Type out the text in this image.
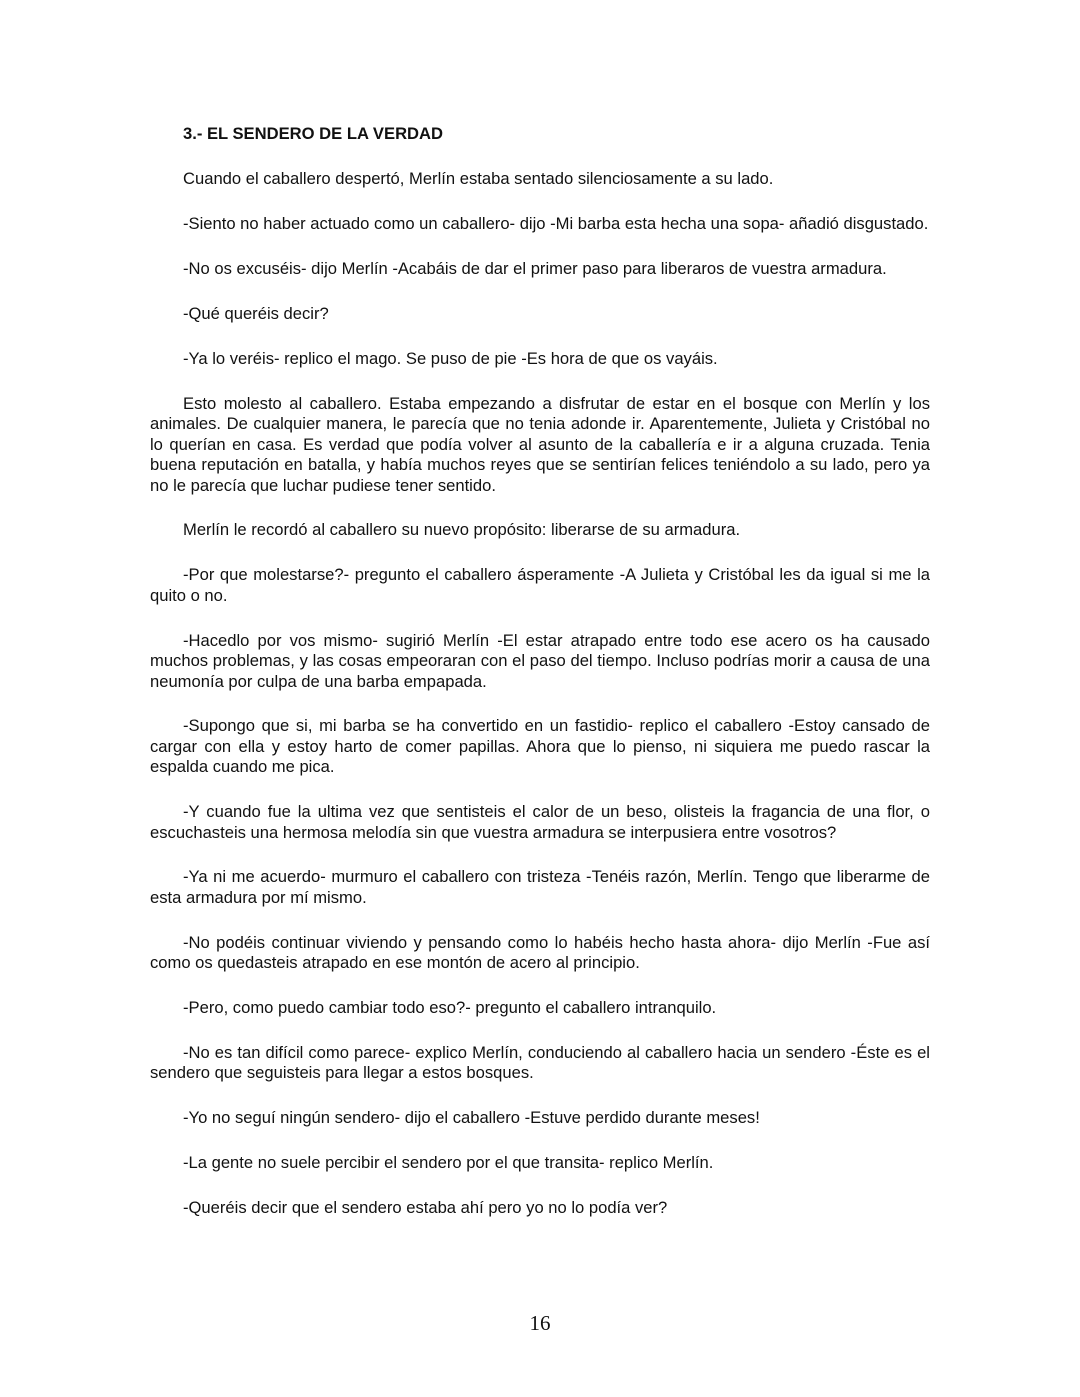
3.- EL SENDERO DE LA VERDAD

Cuando el caballero despertó, Merlín estaba sentado silenciosamente a su lado.

-Siento no haber actuado como un caballero- dijo -Mi barba esta hecha una sopa- añadió disgustado.

-No os excuséis- dijo Merlín -Acabáis de dar el primer paso para liberaros de vuestra armadura.

-Qué queréis decir?

-Ya lo veréis- replico el mago. Se puso de pie -Es hora de que os vayáis.

Esto molesto al caballero. Estaba empezando a disfrutar de estar en el bosque con Merlín y los animales. De cualquier manera, le parecía que no tenia adonde ir. Aparentemente, Julieta y Cristóbal no lo querían en casa. Es verdad que podía volver al asunto de la caballería e ir a alguna cruzada. Tenia buena reputación en batalla, y había muchos reyes que se sentirían felices teniéndolo a su lado, pero ya no le parecía que luchar pudiese tener sentido.

Merlín le recordó al caballero su nuevo propósito: liberarse de su armadura.

-Por que molestarse?- pregunto el caballero ásperamente -A Julieta y Cristóbal les da igual si me la quito o no.

-Hacedlo por vos mismo- sugirió Merlín -El estar atrapado entre todo ese acero os ha causado muchos problemas, y las cosas empeoraran con el paso del tiempo. Incluso podrías morir a causa de una neumonía por culpa de una barba empapada.

-Supongo que si, mi barba se ha convertido en un fastidio- replico el caballero -Estoy cansado de cargar con ella y estoy harto de comer papillas. Ahora que lo pienso, ni siquiera me puedo rascar la espalda cuando me pica.

-Y cuando fue la ultima vez que sentisteis el calor de un beso, olisteis la fragancia de una flor, o escuchasteis una hermosa melodía sin que vuestra armadura se interpusiera entre vosotros?

-Ya ni me acuerdo- murmuro el caballero con tristeza -Tenéis razón, Merlín. Tengo que liberarme de esta armadura por mí mismo.

-No podéis continuar viviendo y pensando como lo habéis hecho hasta ahora- dijo Merlín -Fue así como os quedasteis atrapado en ese montón de acero al principio.

-Pero, como puedo cambiar todo eso?- pregunto el caballero intranquilo.

-No es tan difícil como parece- explico Merlín, conduciendo al caballero hacia un sendero -Éste es el sendero que seguisteis para llegar a estos bosques.

-Yo no seguí ningún sendero- dijo el caballero -Estuve perdido durante meses!

-La gente no suele percibir el sendero por el que transita- replico Merlín.

-Queréis decir que el sendero estaba ahí pero yo no lo podía ver?

16
